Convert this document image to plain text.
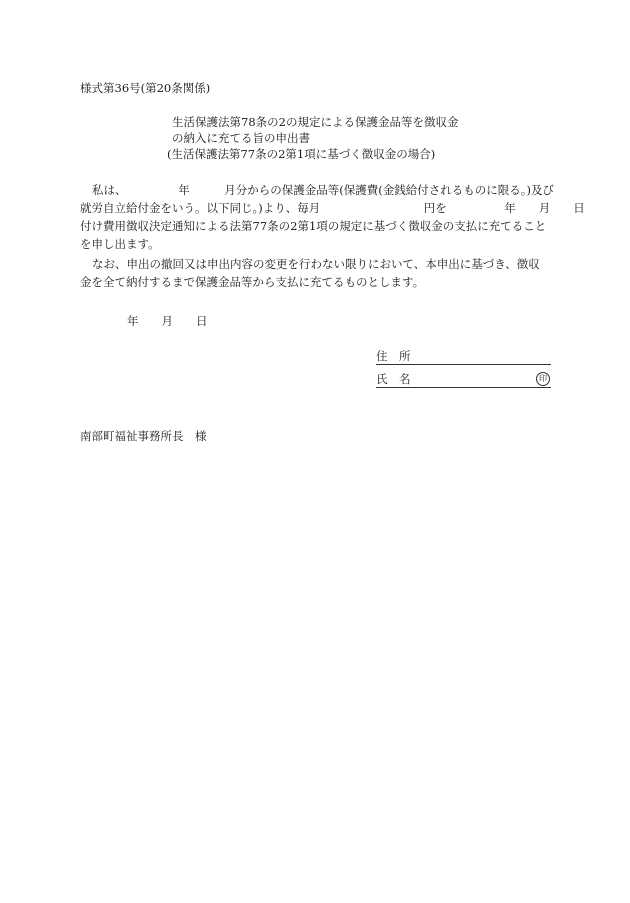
様式第36号(第20条関係)
生活保護法第78条の2の規定による保護金品等を徴収金
の納入に充てる旨の申出書
(生活保護法第77条の2第1項に基づく徴収金の場合)
私は、　　　　　年　　　月分からの保護金品等(保護費(金銭給付されるものに限る。)及び
就労自立給付金をいう。以下同じ。)より、毎月　　　　　　　　　円を　　　　　年　　月　　日
付け費用徴収決定通知による法第77条の2第1項の規定に基づく徴収金の支払に充てること
を申し出ます。
なお、申出の撤回又は申出内容の変更を行わない限りにおいて、本申出に基づき、徴収
金を全て納付するまで保護金品等から支払に充てるものとします。
年　　月　　日
住　所
氏　名	印
南部町福祉事務所長　様
